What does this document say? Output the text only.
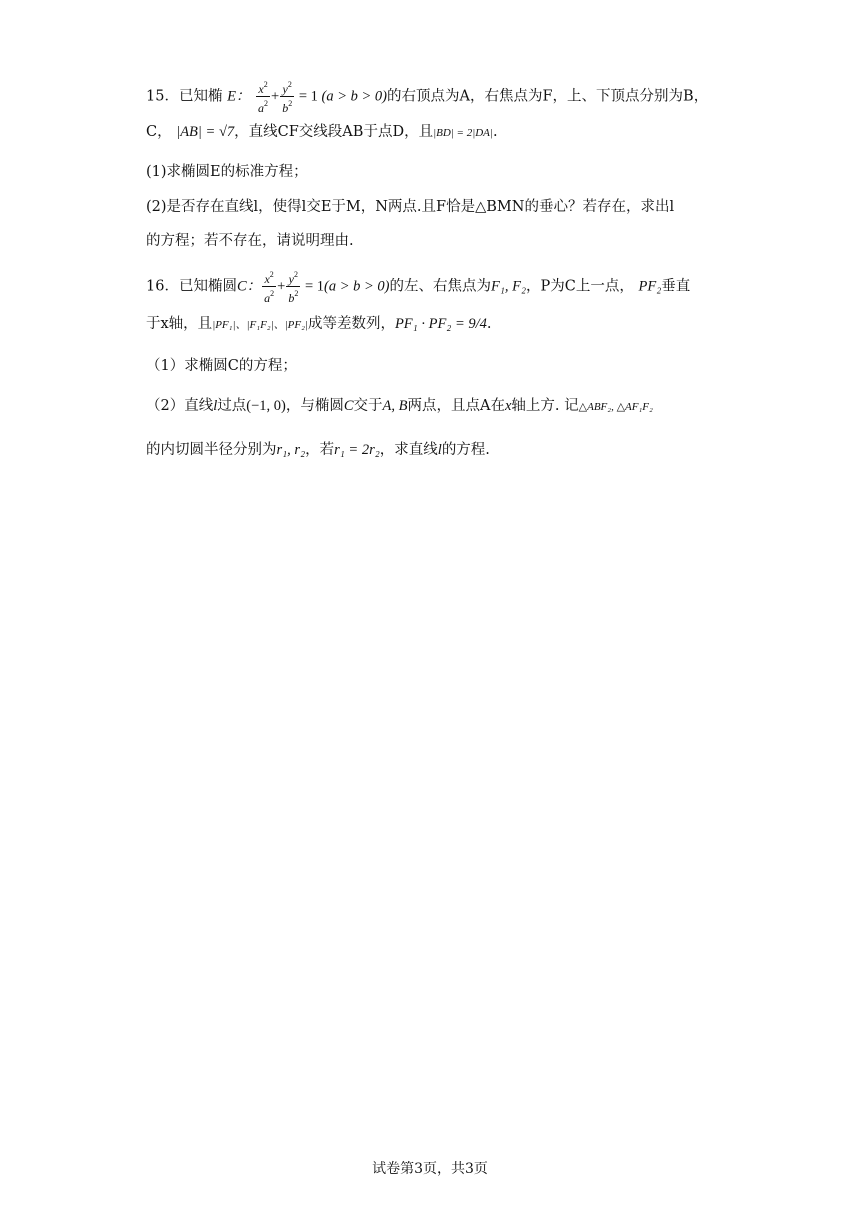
15．已知椭 E： $\frac{x^2}{a^2} + \frac{y^2}{b^2} = 1$ (a > b > 0)的右顶点为A，右焦点为F，上、下顶点分别为B，
C， |AB| = √7，直线CF交线段AB于点D，且|BD| = 2|DA|.
(1)求椭圆E的标准方程；
(2)是否存在直线l，使得l交E于M，N两点.且F恰是△BMN的垂心？若存在，求出l
的方程；若不存在，请说明理由.
16．已知椭圆C： $\frac{x^2}{a^2} + \frac{y^2}{b^2} = 1(a > b > 0)$的左、右焦点为F₁, F₂，P为C上一点， PF₂垂直
于x轴，且|PF₁|、|F₁F₂|、|PF₂|成等差数列，PF₁ · PF₂ = 9/4.
（1）求椭圆C的方程；
（2）直线l过点(−1, 0)，与椭圆C交于A, B两点，且点A在x轴上方. 记△ABF₂, △AF₁F₂
的内切圆半径分别为r₁, r₂，若r₁ = 2r₂，求直线l的方程.
试卷第3页，共3页
